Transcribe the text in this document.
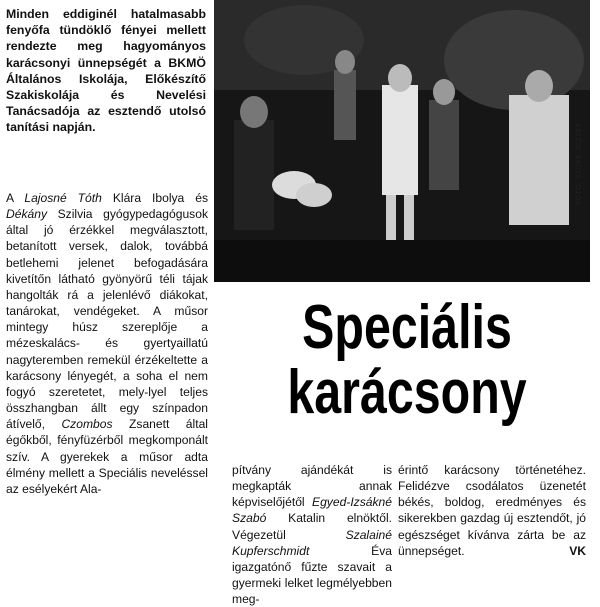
Minden eddiginél hatalmasabb fenyőfa tündöklő fényei mellett rendezte meg hagyományos karácsonyi ünnepségét a BKMÖ Általános Iskolája, Előkészítő Szakiskolája és Nevelési Tanácsadója az esztendő utolsó tanítási napján.
A Lajosné Tóth Klára Ibolya és Dékány Szilvia gyógypedagógusok által jó érzékkel megválasztott, betanított versek, dalok, továbbá betlehemi jelenet befogadására kivetítőn látható gyönyörű téli tájak hangolták rá a jelenlévő diákokat, tanárokat, vendégeket. A műsor mintegy húsz szereplője a mézeskalács- és gyertyaillatú nagyteremben remekül érzékeltette a karácsony lényegét, a soha el nem fogyó szeretetet, mely-lyel teljes összhangban állt egy színpadon átívelő, Czombos Zsanett által égőkből, fényfüzérből megkomponált szív. A gyerekek a műsor adta élmény mellett a Speciális neveléssel az esélyekért Ala-
FOTÓ: SZŐKE JÓZSEF
Speciális
karácsony
pítvány ajándékát is megkapták annak képviselőjétől Egyed-Izsákné Szabó Katalin elnöktől. Végezetül Szalainé Kupferschmidt Éva igazgatónő fűzte szavait a gyermeki lelket legmélyebben meg-
érintő karácsony történetéhez. Felidézve csodálatos üzenetét békés, boldog, eredményes és sikerekben gazdag új esztendőt, jó egészséget kívánva zárta be az ünnepséget.	VK
